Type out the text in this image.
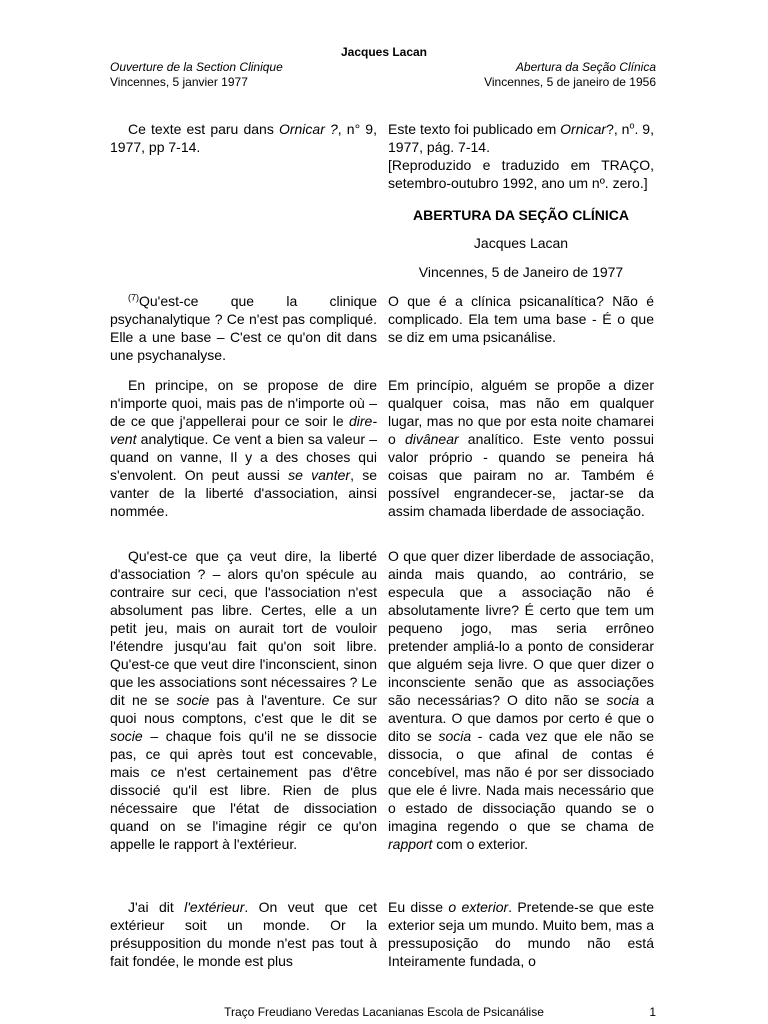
Jacques Lacan
Ouverture de la Section Clinique
Vincennes, 5 janvier 1977
Abertura da Seção Clínica
Vincennes, 5 de janeiro de 1956

Ce texte est paru dans Ornicar ?, n° 9, 1977, pp 7-14.

Este texto foi publicado em Ornicar?, $n^o$. 9, 1977, pág. 7-14.

[Reproduzido e traduzido em TRAÇO, setembro-outubro 1992, ano um nº. zero.]

ABERTURA DA SEÇÃO CLÍNICA
Jacques Lacan
Vincennes, 5 de Janeiro de 1977

$^{(7)}$Qu'est-ce que la clinique psychanalytique ? Ce n'est pas compliqué. Elle a une base – C'est ce qu'on dit dans une psychanalyse.

O que é a clínica psicanalítica? Não é complicado. Ela tem uma base - É o que se diz em uma psicanálise.

En principe, on se propose de dire n'importe quoi, mais pas de n'importe où – de ce que j'appellerai pour ce soir le dire-vent analytique. Ce vent a bien sa valeur – quand on vanne, Il y a des choses qui s'envolent. On peut aussi se vanter, se vanter de la liberté d'association, ainsi nommée.

Em princípio, alguém se propõe a dizer qualquer coisa, mas não em qualquer lugar, mas no que por esta noite chamarei o divânear analítico. Este vento possui valor próprio - quando se peneira há coisas que pairam no ar. Também é possível engrandecer-se, jactar-se da assim chamada liberdade de associação.

Qu'est-ce que ça veut dire, la liberté d'association ? – alors qu'on spécule au contraire sur ceci, que l'association n'est absolument pas libre. Certes, elle a un petit jeu, mais on aurait tort de vouloir l'étendre jusqu'au fait qu'on soit libre. Qu'est-ce que veut dire l'inconscient, sinon que les associations sont nécessaires ? Le dit ne se socie pas à l'aventure. Ce sur quoi nous comptons, c'est que le dit se socie – chaque fois qu'il ne se dissocie pas, ce qui après tout est concevable, mais ce n'est certainement pas d'être dissocié qu'il est libre. Rien de plus nécessaire que l'état de dissociation quand on se l'imagine régir ce qu'on appelle le rapport à l'extérieur.

O que quer dizer liberdade de associação, ainda mais quando, ao contrário, se especula que a associação não é absolutamente livre? É certo que tem um pequeno jogo, mas seria errôneo pretender ampliá-lo a ponto de considerar que alguém seja livre. O que quer dizer o inconsciente senão que as associações são necessárias? O dito não se socia a aventura. O que damos por certo é que o dito se socia - cada vez que ele não se dissocia, o que afinal de contas é concebível, mas não é por ser dissociado que ele é livre. Nada mais necessário que o estado de dissociação quando se o imagina regendo o que se chama de rapport com o exterior.

J'ai dit l'extérieur. On veut que cet extérieur soit un monde. Or la présupposition du monde n'est pas tout à fait fondée, le monde est plus

Eu disse o exterior. Pretende-se que este exterior seja um mundo. Muito bem, mas a pressuposição do mundo não está Inteiramente fundada, o

Traço Freudiano Veredas Lacanianas Escola de Psicanálise	1
